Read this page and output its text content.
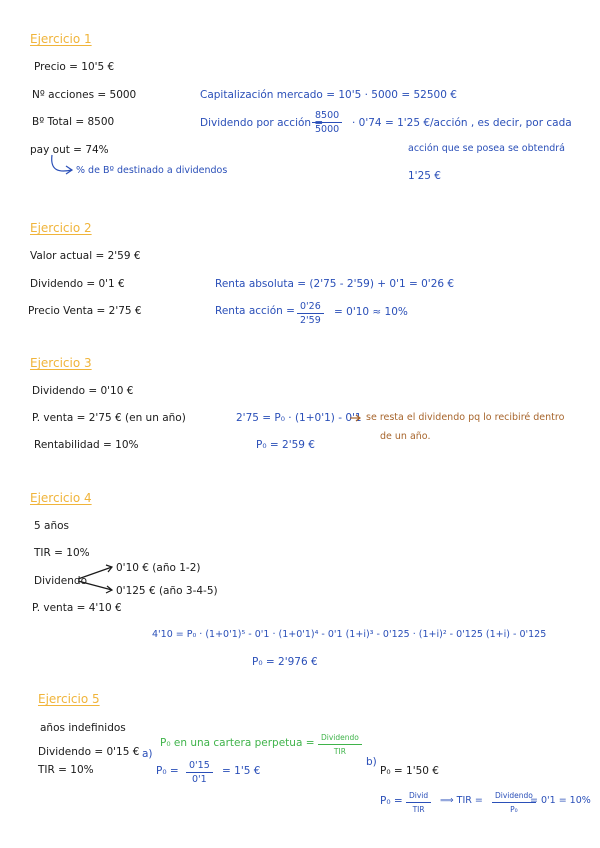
Ejercicio 1
Precio = 10'5 €
Nº acciones = 5000
Bº Total = 8500
pay out = 74%
% de Bº destinado a dividendos
Capitalización mercado = 10'5 · 5000 = 52500 €
Dividendo por acción =
$\frac{8500}{5000} \cdot 0'74 = 1'25$ €/acción , es decir, por cada
acción que se posea se obtendrá
1'25 €
Ejercicio 2
Valor actual = 2'59 €
Dividendo = 0'1 €
Precio Venta = 2'75 €
Renta absoluta = (2'75 - 2'59) + 0'1 = 0'26 €
Renta acción = $\frac{0'26}{2'59} = 0'10 \approx 10\%$
Ejercicio 3
Dividendo = 0'10 €
P. venta = 2'75 € (en un año)
Rentabilidad = 10%
2'75 = P₀ · (1+0'1) - 0'1
P₀ = 2'59 €
se resta el dividendo pq lo recibiré dentro
de un año.
Ejercicio 4
5 años
TIR = 10%
Dividendo
0'10 € (año 1-2)
0'125 € (año 3-4-5)
P. venta = 4'10 €
4'10 = P₀ · (1+0'1)⁵ - 0'1 · (1+0'1)⁴ - 0'1 (1+i)³ - 0'125 · (1+i)² - 0'125 (1+i) - 0'125
P₀ = 2'976 €
Ejercicio 5
años indefinidos
Dividendo = 0'15 €
TIR = 10%
P₀ en una cartera perpetua = Dividendo
TIR
a)
$P_0 = \frac{0'15}{0'1} = 1'5$ €
b)
P₀ = 1'50 €
P₀ = Divid
TIR
⟹ TIR =	Dividendo
P₀
= 0'1 = 10%
